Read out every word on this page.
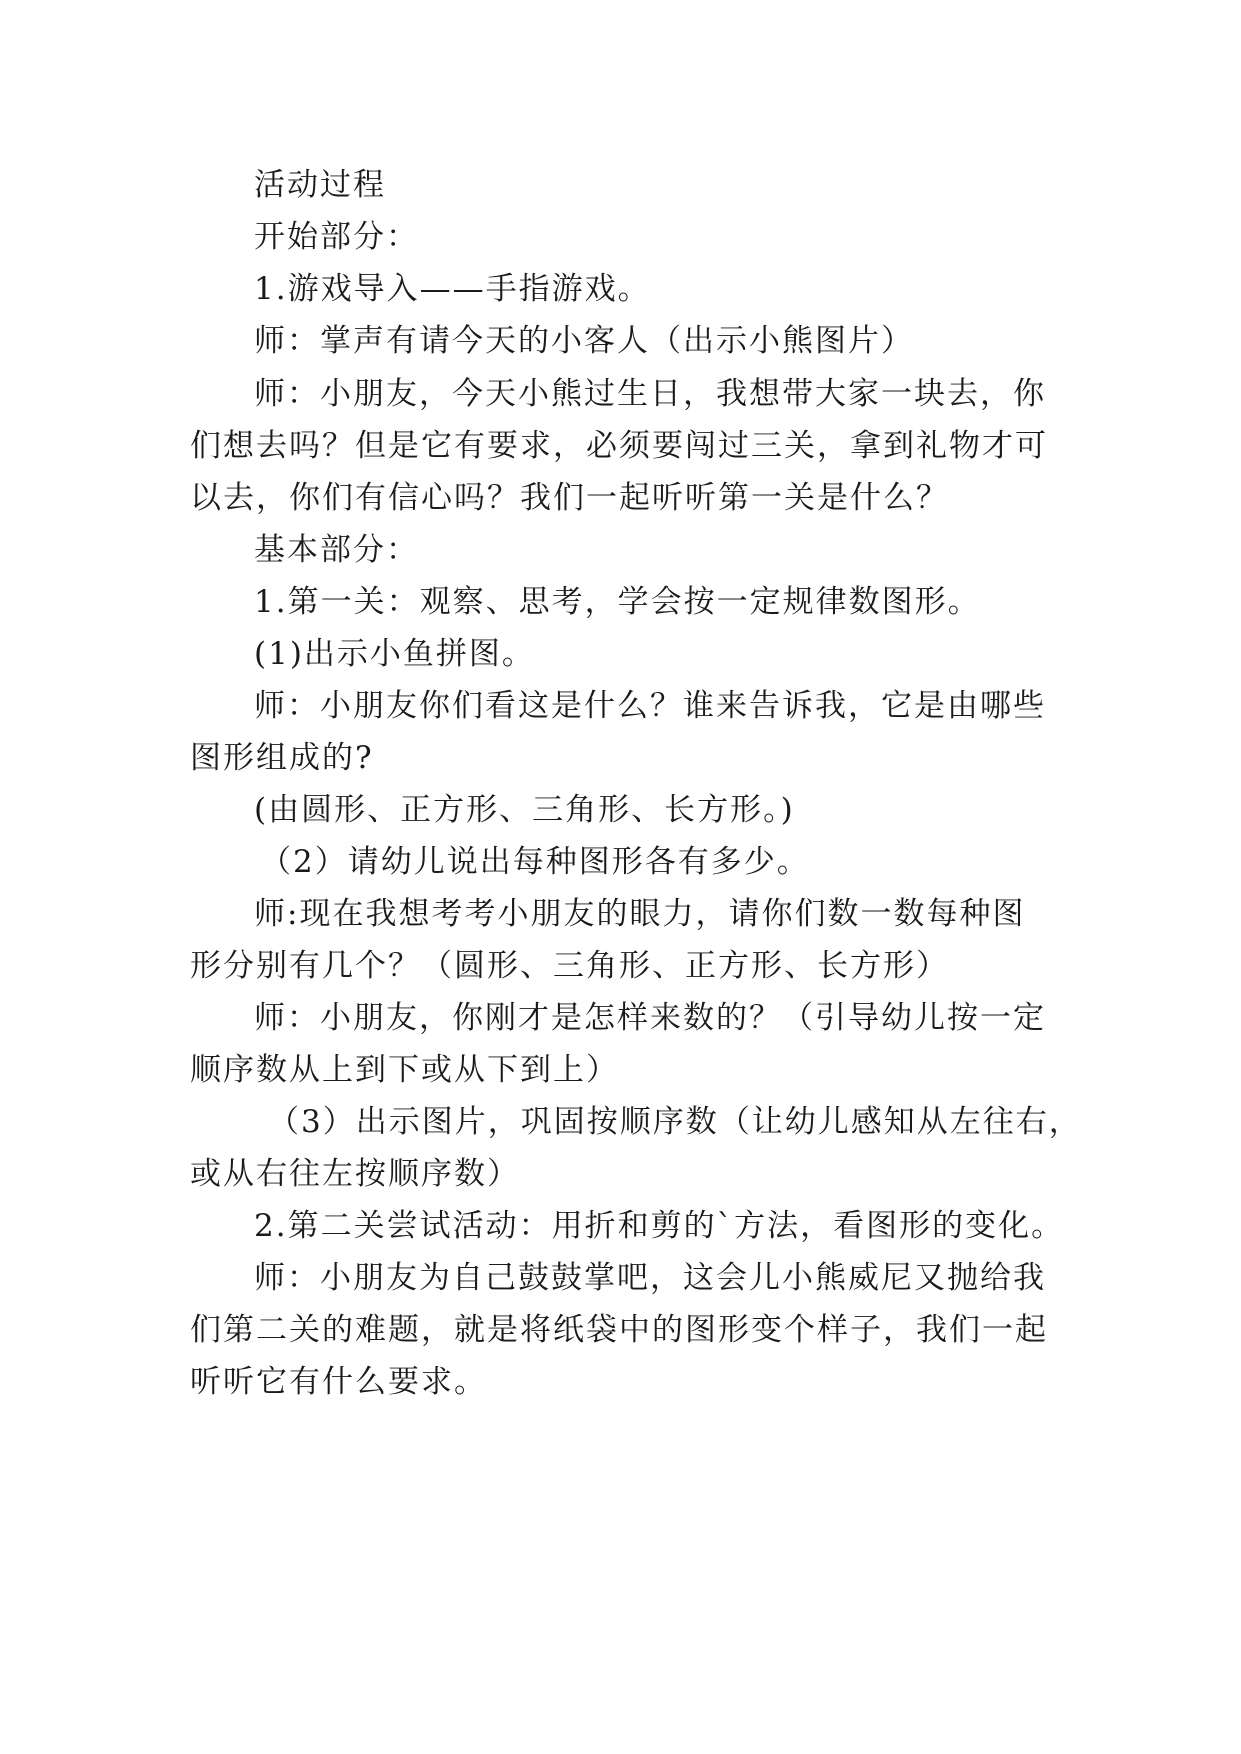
活动过程
开始部分：
1.游戏导入——手指游戏。
师：掌声有请今天的小客人（出示小熊图片）
师：小朋友，今天小熊过生日，我想带大家一块去，你
们想去吗？但是它有要求，必须要闯过三关，拿到礼物才可
以去，你们有信心吗？我们一起听听第一关是什么？
基本部分：
1.第一关：观察、思考，学会按一定规律数图形。
(1)出示小鱼拼图。
师：小朋友你们看这是什么？谁来告诉我，它是由哪些
图形组成的?
(由圆形、正方形、三角形、长方形。)
（2）请幼儿说出每种图形各有多少。
师:现在我想考考小朋友的眼力，请你们数一数每种图
形分别有几个？（圆形、三角形、正方形、长方形）
师：小朋友，你刚才是怎样来数的？（引导幼儿按一定
顺序数从上到下或从下到上）
（3）出示图片，巩固按顺序数（让幼儿感知从左往右，
或从右往左按顺序数）
2.第二关尝试活动：用折和剪的`方法，看图形的变化。
师：小朋友为自己鼓鼓掌吧，这会儿小熊威尼又抛给我
们第二关的难题，就是将纸袋中的图形变个样子，我们一起
听听它有什么要求。
